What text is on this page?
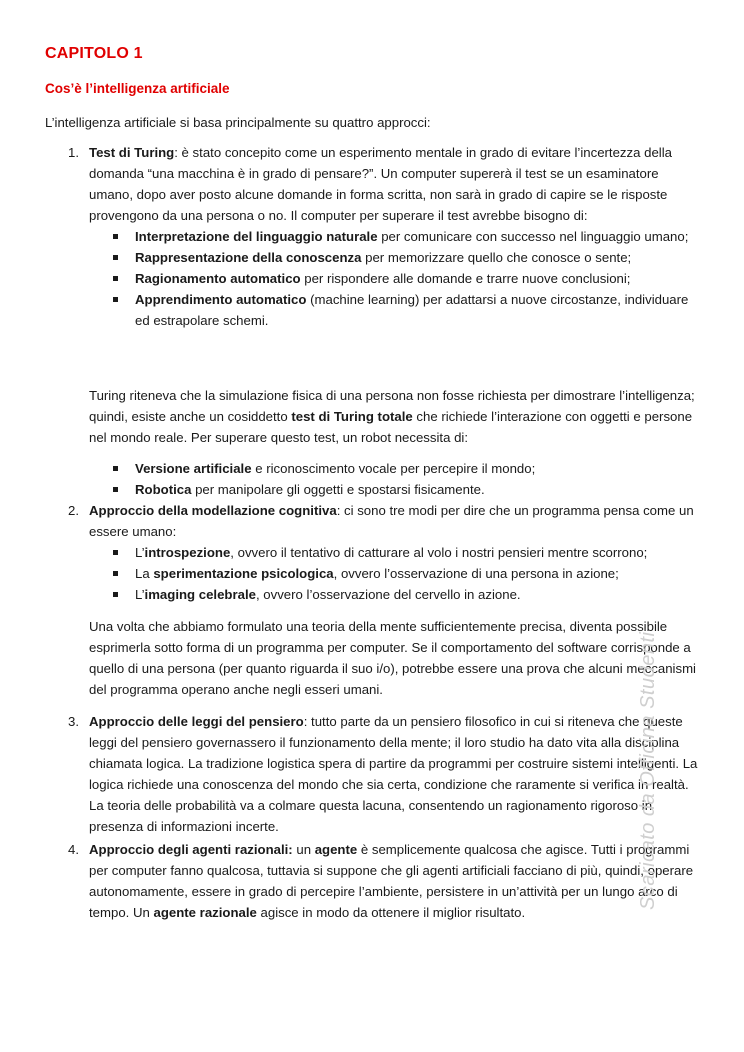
CAPITOLO 1
Cos’è l’intelligenza artificiale
L’intelligenza artificiale si basa principalmente su quattro approcci:
1. Test di Turing: è stato concepito come un esperimento mentale in grado di evitare l’incertezza della domanda “una macchina è in grado di pensare?”. Un computer supererà il test se un esaminatore umano, dopo aver posto alcune domande in forma scritta, non sarà in grado di capire se le risposte provengono da una persona o no. Il computer per superare il test avrebbe bisogno di:

Interpretazione del linguaggio naturale per comunicare con successo nel linguaggio umano;
Rappresentazione della conoscenza per memorizzare quello che conosce o sente;
Ragionamento automatico per rispondere alle domande e trarre nuove conclusioni;
Apprendimento automatico (machine learning) per adattarsi a nuove circostanze, individuare ed estrapolare schemi.

Turing riteneva che la simulazione fisica di una persona non fosse richiesta per dimostrare l’intelligenza; quindi, esiste anche un cosiddetto test di Turing totale che richiede l’interazione con oggetti e persone nel mondo reale. Per superare questo test, un robot necessita di:

Versione artificiale e riconoscimento vocale per percepire il mondo;
Robotica per manipolare gli oggetti e spostarsi fisicamente.
2. Approccio della modellazione cognitiva: ci sono tre modi per dire che un programma pensa come un essere umano:

L’introspezione, ovvero il tentativo di catturare al volo i nostri pensieri mentre scorrono;
La sperimentazione psicologica, ovvero l’osservazione di una persona in azione;
L’imaging celebrale, ovvero l’osservazione del cervello in azione.

Una volta che abbiamo formulato una teoria della mente sufficientemente precisa, diventa possibile esprimerla sotto forma di un programma per computer. Se il comportamento del software corrisponde a quello di una persona (per quanto riguarda il suo i/o), potrebbe essere una prova che alcuni meccanismi del programma operano anche negli esseri umani.

3. Approccio delle leggi del pensiero: tutto parte da un pensiero filosofico in cui si riteneva che queste leggi del pensiero governassero il funzionamento della mente; il loro studio ha dato vita alla disciplina chiamata logica. La tradizione logistica spera di partire da programmi per costruire sistemi intelligenti. La logica richiede una conoscenza del mondo che sia certa, condizione che raramente si verifica in realtà. La teoria delle probabilità va a colmare questa lacuna, consentendo un ragionamento rigoroso in presenza di informazioni incerte.

4. Approccio degli agenti razionali: un agente è semplicemente qualcosa che agisce. Tutti i programmi per computer fanno qualcosa, tuttavia si suppone che gli agenti artificiali facciano di più, quindi, operare autonomamente, essere in grado di percepire l’ambiente, persistere in un’attività per un lungo arco di tempo. Un agente razionale agisce in modo da ottenere il miglior risultato.

Scaricato da Officina Studenti
